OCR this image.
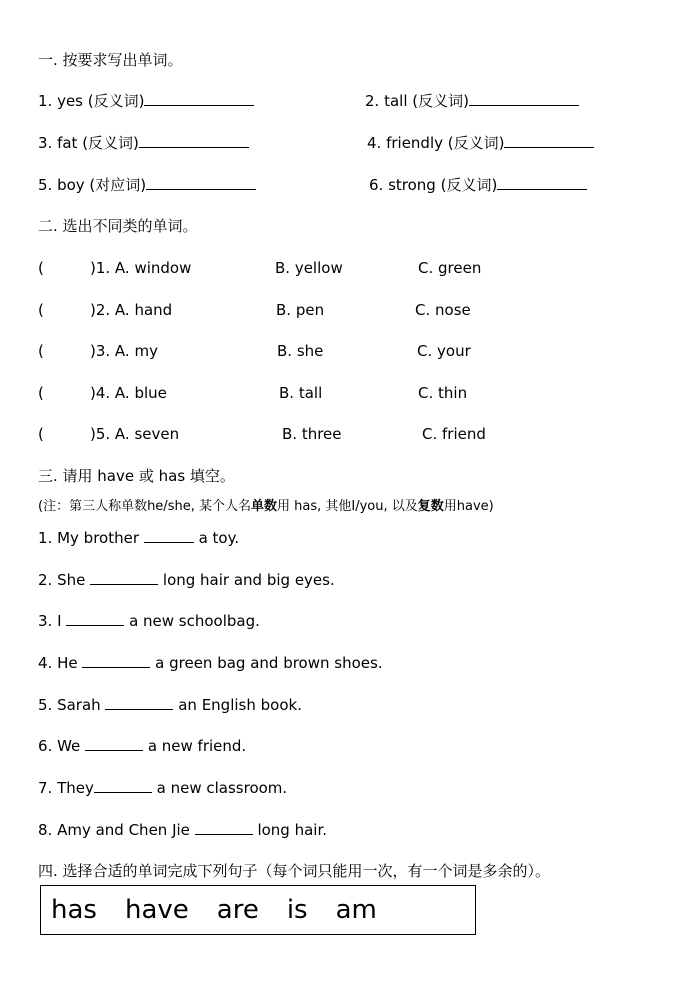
一. 按要求写出单词。
1. yes (反义词)	2. tall (反义词)
3. fat (反义词)	4. friendly (反义词)
5. boy (对应词)	6. strong (反义词)
二. 选出不同类的单词。
(	)1. A. window	B. yellow	C. green
(	)2. A. hand	B. pen	C. nose
(	)3. A. my	B. she	C. your
(	)4. A. blue	B. tall	C. thin
(	)5. A. seven	B. three	C. friend
三. 请用 have 或 has 填空。
(注：第三人称单数he/she, 某个人名单数用 has, 其他I/you, 以及复数用have)
1. My brother	a toy.
2. She	long hair and big eyes.
3. I	a new schoolbag.
4. He	a green bag and brown shoes.
5. Sarah	an English book.
6. We	a new friend.
7. They	a new classroom.
8. Amy and Chen Jie	long hair.
四. 选择合适的单词完成下列句子（每个词只能用一次，有一个词是多余的）。
has have are is am
